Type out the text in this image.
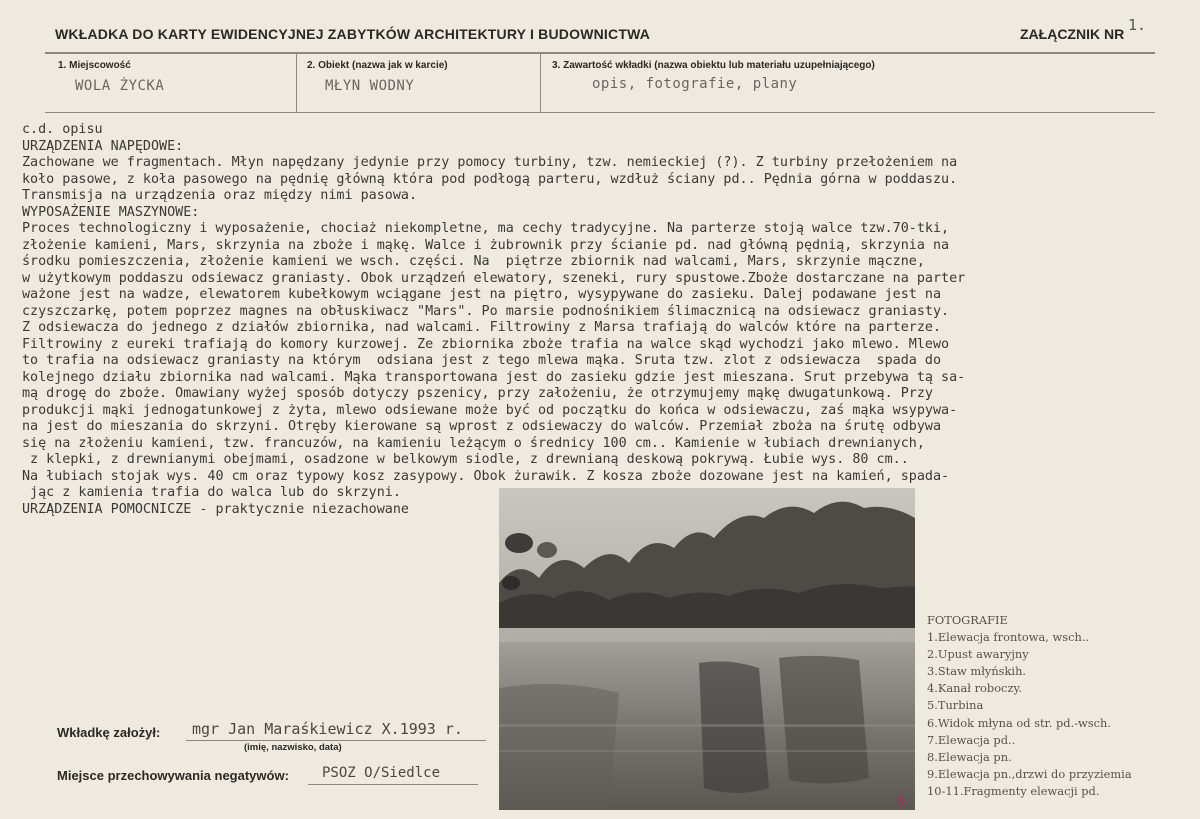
WKŁADKA DO KARTY EWIDENCYJNEJ ZABYTKÓW ARCHITEKTURY I BUDOWNICTWA	ZAŁĄCZNIK NR 1.
1. Miejscowość
WOLA ŻYCKA
2. Obiekt (nazwa jak w karcie)
MŁYN WODNY
3. Zawartość wkładki (nazwa obiektu lub materiału uzupełniającego)
opis, fotografie, plany
c.d. opisu
URZĄDZENIA NAPĘDOWE:
Zachowane we fragmentach. Młyn napędzany jedynie przy pomocy turbiny, tzw. nemieckiej (?). Z turbiny przełożeniem na
koło pasowe, z koła pasowego na pędnię główną która pod podłogą parteru, wzdłuż ściany pd.. Pędnia górna w poddaszu.
Transmisja na urządzenia oraz między nimi pasowa.
WYPOSAŻENIE MASZYNOWE:
Proces technologiczny i wyposażenie, chociaż niekompletne, ma cechy tradycyjne. Na parterze stoją walce tzw.70-tki,
złożenie kamieni, Mars, skrzynia na zboże i mąkę. Walce i żubrownik przy ścianie pd. nad główną pędnią, skrzynia na
środku pomieszczenia, złożenie kamieni we wsch. części. Na  piętrze zbiornik nad walcami, Mars, skrzynie mączne,
w użytkowym poddaszu odsiewacz graniasty. Obok urządzeń elewatory, szeneki, rury spustowe.Zboże dostarczane na parter
ważone jest na wadze, elewatorem kubełkowym wciągane jest na piętro, wysypywane do zasieku. Dalej podawane jest na
czyszczarkę, potem poprzez magnes na obłuskiwacz "Mars". Po marsie podnośnikiem ślimacznicą na odsiewacz graniasty.
Z odsiewacza do jednego z działów zbiornika, nad walcami. Filtrowiny z Marsa trafiają do walców które na parterze.
Filtrowiny z eureki trafiają do komory kurzowej. Ze zbiornika zboże trafia na walce skąd wychodzi jako mlewo. Mlewo
to trafia na odsiewacz graniasty na którym  odsiana jest z tego mlewa mąka. Sruta tzw. zlot z odsiewacza  spada do
kolejnego działu zbiornika nad walcami. Mąka transportowana jest do zasieku gdzie jest mieszana. Srut przebywa tą sa-
mą drogę do zboże. Omawiany wyżej sposób dotyczy pszenicy, przy założeniu, że otrzymujemy mąkę dwugatunkową. Przy
produkcji mąki jednogatunkowej z żyta, mlewo odsiewane może być od początku do końca w odsiewaczu, zaś mąka wsypywa-
na jest do mieszania do skrzyni. Otręby kierowane są wprost z odsiewaczy do walców. Przemiał zboża na śrutę odbywa
się na złożeniu kamieni, tzw. francuzów, na kamieniu leżącym o średnicy 100 cm.. Kamienie w łubiach drewnianych,
z klepki, z drewnianymi obejmami, osadzone w belkowym siodle, z drewnianą deskową pokrywą. Łubie wys. 80 cm..
Na łubiach stojak wys. 40 cm oraz typowy kosz zasypowy. Obok żurawik. Z kosza zboże dozowane jest na kamień, spada-
jąc z kamienia trafia do walca lub do skrzyni.
URZĄDZENIA POMOCNICZE - praktycznie niezachowane
3
FOTOGRAFIE
1.Elewacja frontowa, wsch..
2.Upust awaryjny
3.Staw młyńskih.
4.Kanał roboczy.
5.Turbina
6.Widok młyna od str. pd.-wsch.
7.Elewacja pd..
8.Elewacja pn.
9.Elewacja pn.,drzwi do przyziemia
10-11.Fragmenty elewacji pd.
Wkładkę założył: mgr Jan Maraśkiewicz X.1993 r.
(imię, nazwisko, data)
Miejsce przechowywania negatywów: PSOZ O/Siedlce
